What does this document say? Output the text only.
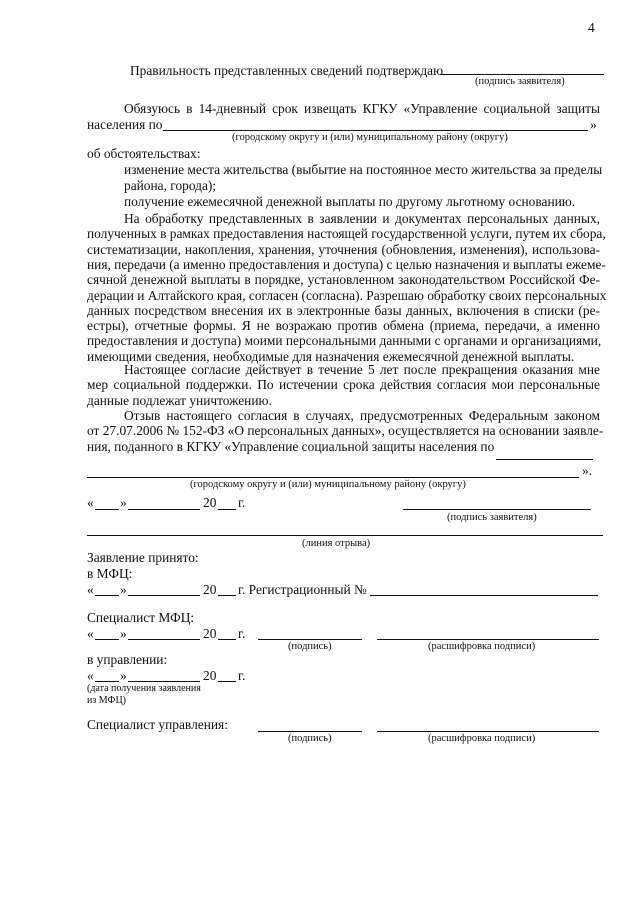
4
Правильность представленных сведений подтверждаю
(подпись заявителя)
Обязуюсь в 14-дневный срок извещать КГКУ «Управление социальной защиты
населения по	»
(городскому округу и (или) муниципальному району (округу)
об обстоятельствах:
изменение места жительства (выбытие на постоянное место жительства за пределы
района, города);
получение ежемесячной денежной выплаты по другому льготному основанию.
На обработку представленных в заявлении и документах персональных данных,
полученных в рамках предоставления настоящей государственной услуги, путем их сбора,
систематизации, накопления, хранения, уточнения (обновления, изменения), использова-
ния, передачи (а именно предоставления и доступа) с целью назначения и выплаты ежеме-
сячной денежной выплаты в порядке, установленном законодательством Российской Фе-
дерации и Алтайского края, согласен (согласна). Разрешаю обработку своих персональных
данных посредством внесения их в электронные базы данных, включения в списки (ре-
естры), отчетные формы. Я не возражаю против обмена (приема, передачи, а именно
предоставления и доступа) моими персональными данными с органами и организациями,
имеющими сведения, необходимые для назначения ежемесячной денежной выплаты.
Настоящее согласие действует в течение 5 лет после прекращения оказания мне
мер социальной поддержки. По истечении срока действия согласия мои персональные
данные подлежат уничтожению.
Отзыв настоящего согласия в случаях, предусмотренных Федеральным законом
от 27.07.2006 № 152-ФЗ «О персональных данных», осуществляется на основании заявле-
ния, поданного в КГКУ «Управление социальной защиты населения по
».
(городскому округу и (или) муниципальному району (округу)
« »	20 г.
(подпись заявителя)
(линия отрыва)
Заявление принято:
в МФЦ:
« »	20 г. Регистрационный №
Специалист МФЦ:
« »	20 г.
(подпись)	(расшифровка подписи)
в управлении:
« »	20 г.
(дата получения заявления
из МФЦ)
Специалист управления:
(подпись)	(расшифровка подписи)
